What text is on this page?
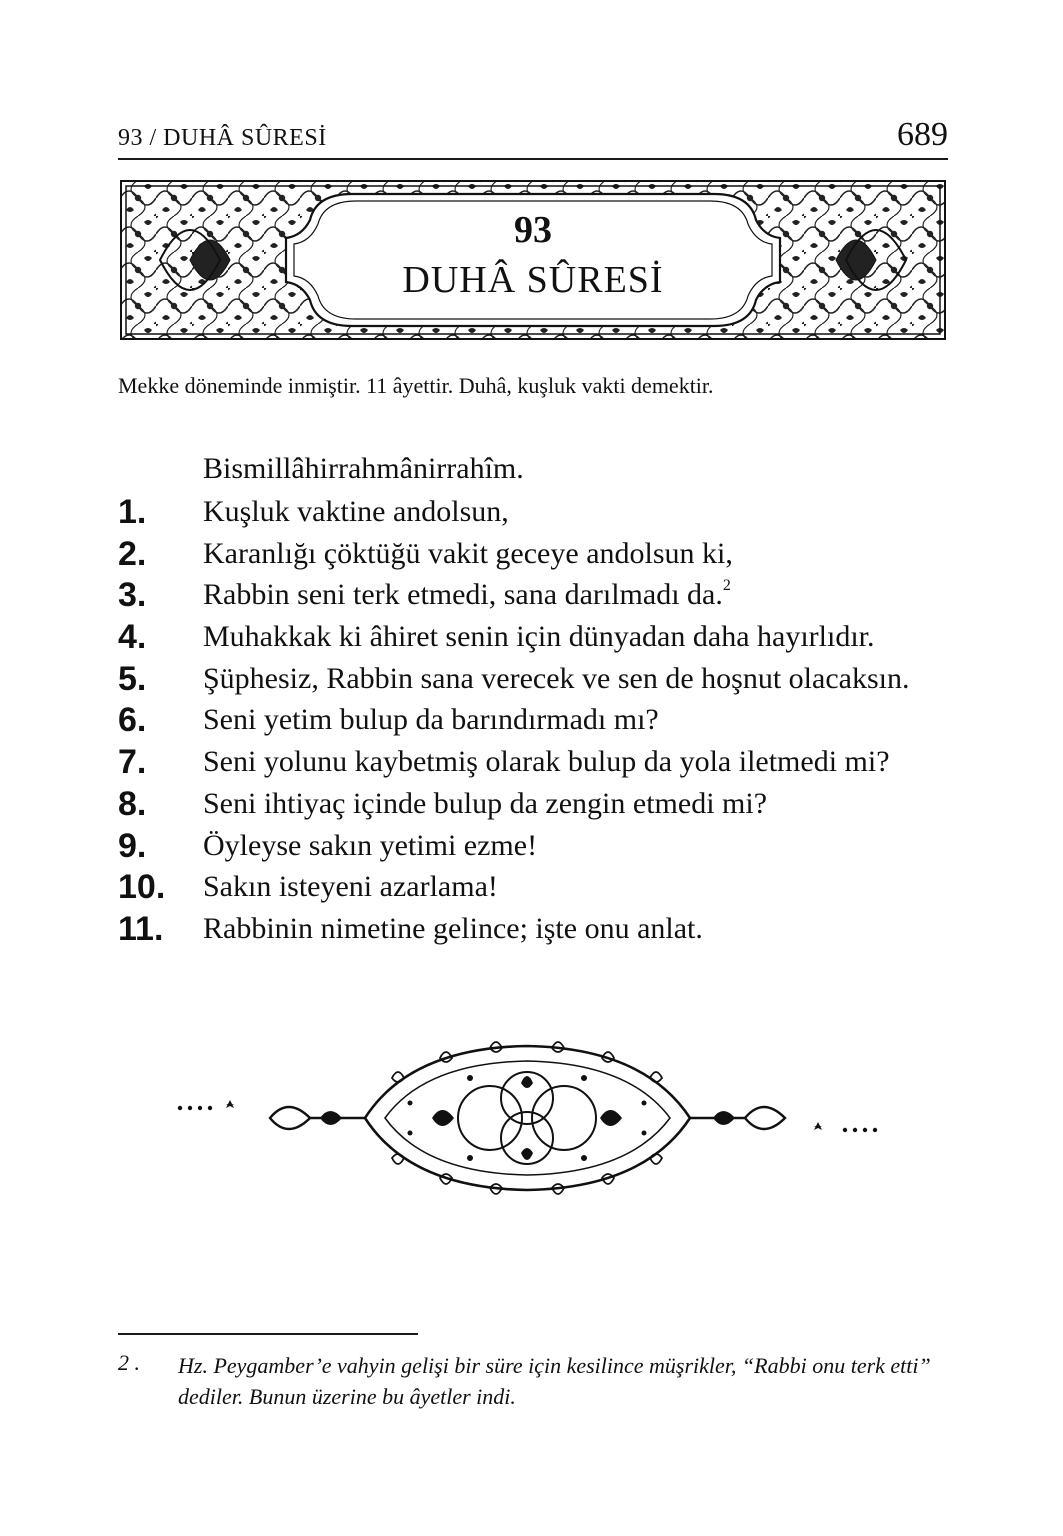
93 / DUHÂ SÛRESİ	689
93
DUHÂ SÛRESİ
Mekke döneminde inmiştir. 11 âyettir. Duhâ, kuşluk vakti demektir.
Bismillâhirrahmânirrahîm.
1. Kuşluk vaktine andolsun,
2. Karanlığı çöktüğü vakit geceye andolsun ki,
3. Rabbin seni terk etmedi, sana darılmadı da.$^2$
4. Muhakkak ki âhiret senin için dünyadan daha hayırlıdır.
5. Şüphesiz, Rabbin sana verecek ve sen de hoşnut olacaksın.
6. Seni yetim bulup da barındırmadı mı?
7. Seni yolunu kaybetmiş olarak bulup da yola iletmedi mi?
8. Seni ihtiyaç içinde bulup da zengin etmedi mi?
9. Öyleyse sakın yetimi ezme!
10. Sakın isteyeni azarlama!
11. Rabbinin nimetine gelince; işte onu anlat.
2 . Hz. Peygamber’e vahyin gelişi bir süre için kesilince müşrikler, “Rabbi onu terk etti” dediler. Bunun üzerine bu âyetler indi.
